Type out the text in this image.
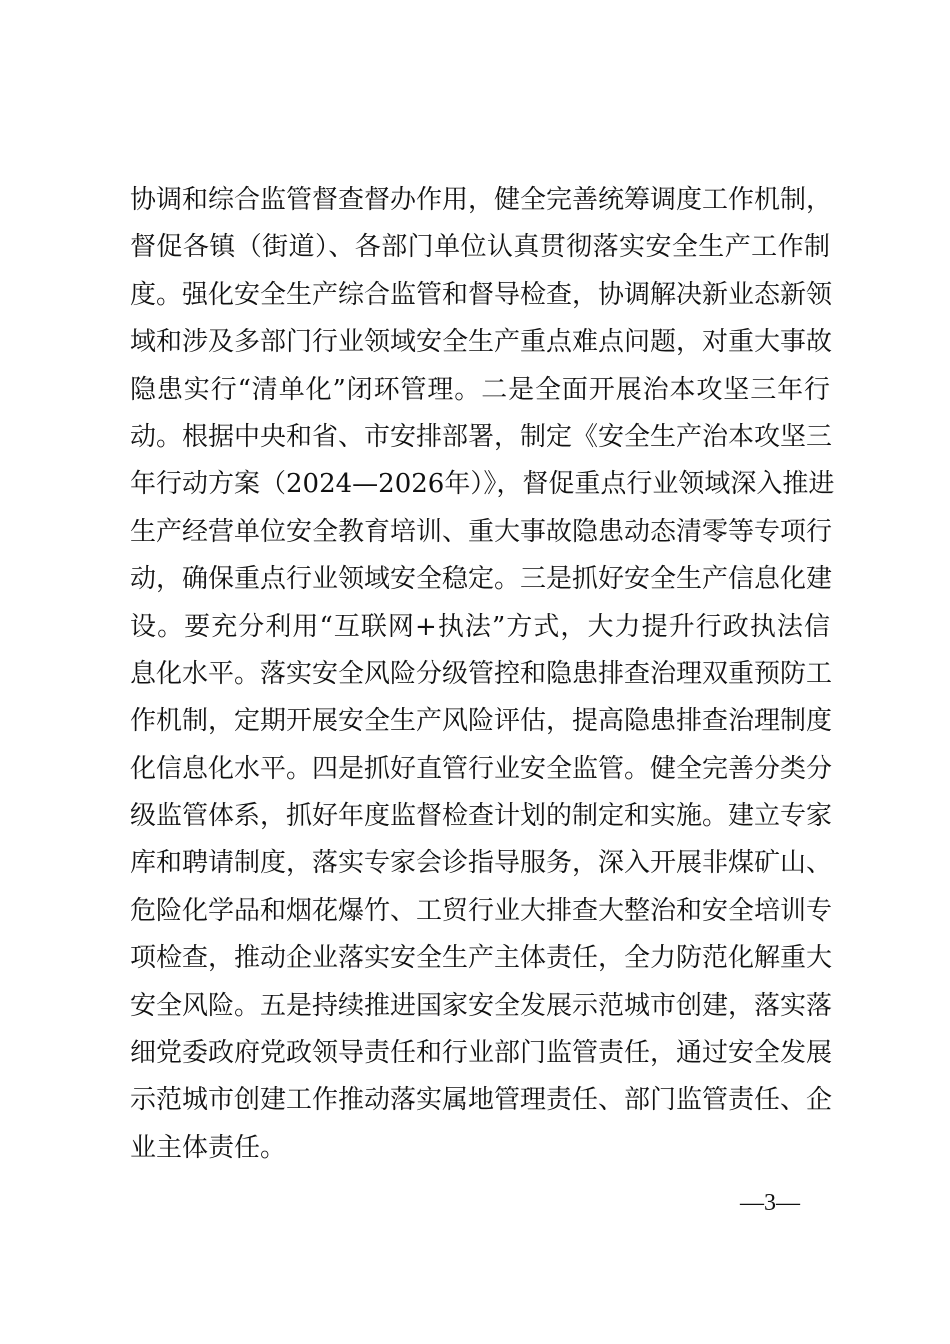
协调和综合监管督查督办作用，健全完善统筹调度工作机制，
督促各镇（街道）、各部门单位认真贯彻落实安全生产工作制
度。强化安全生产综合监管和督导检查，协调解决新业态新领
域和涉及多部门行业领域安全生产重点难点问题，对重大事故
隐患实行“清单化”闭环管理。二是全面开展治本攻坚三年行
动。根据中央和省、市安排部署，制定《安全生产治本攻坚三
年行动方案（2024—2026年）》，督促重点行业领域深入推进
生产经营单位安全教育培训、重大事故隐患动态清零等专项行
动，确保重点行业领域安全稳定。三是抓好安全生产信息化建
设。要充分利用“互联网+执法”方式，大力提升行政执法信
息化水平。落实安全风险分级管控和隐患排查治理双重预防工
作机制，定期开展安全生产风险评估，提高隐患排查治理制度
化信息化水平。四是抓好直管行业安全监管。健全完善分类分
级监管体系，抓好年度监督检查计划的制定和实施。建立专家
库和聘请制度，落实专家会诊指导服务，深入开展非煤矿山、
危险化学品和烟花爆竹、工贸行业大排查大整治和安全培训专
项检查，推动企业落实安全生产主体责任，全力防范化解重大
安全风险。五是持续推进国家安全发展示范城市创建，落实落
细党委政府党政领导责任和行业部门监管责任，通过安全发展
示范城市创建工作推动落实属地管理责任、部门监管责任、企
业主体责任。
—3—
